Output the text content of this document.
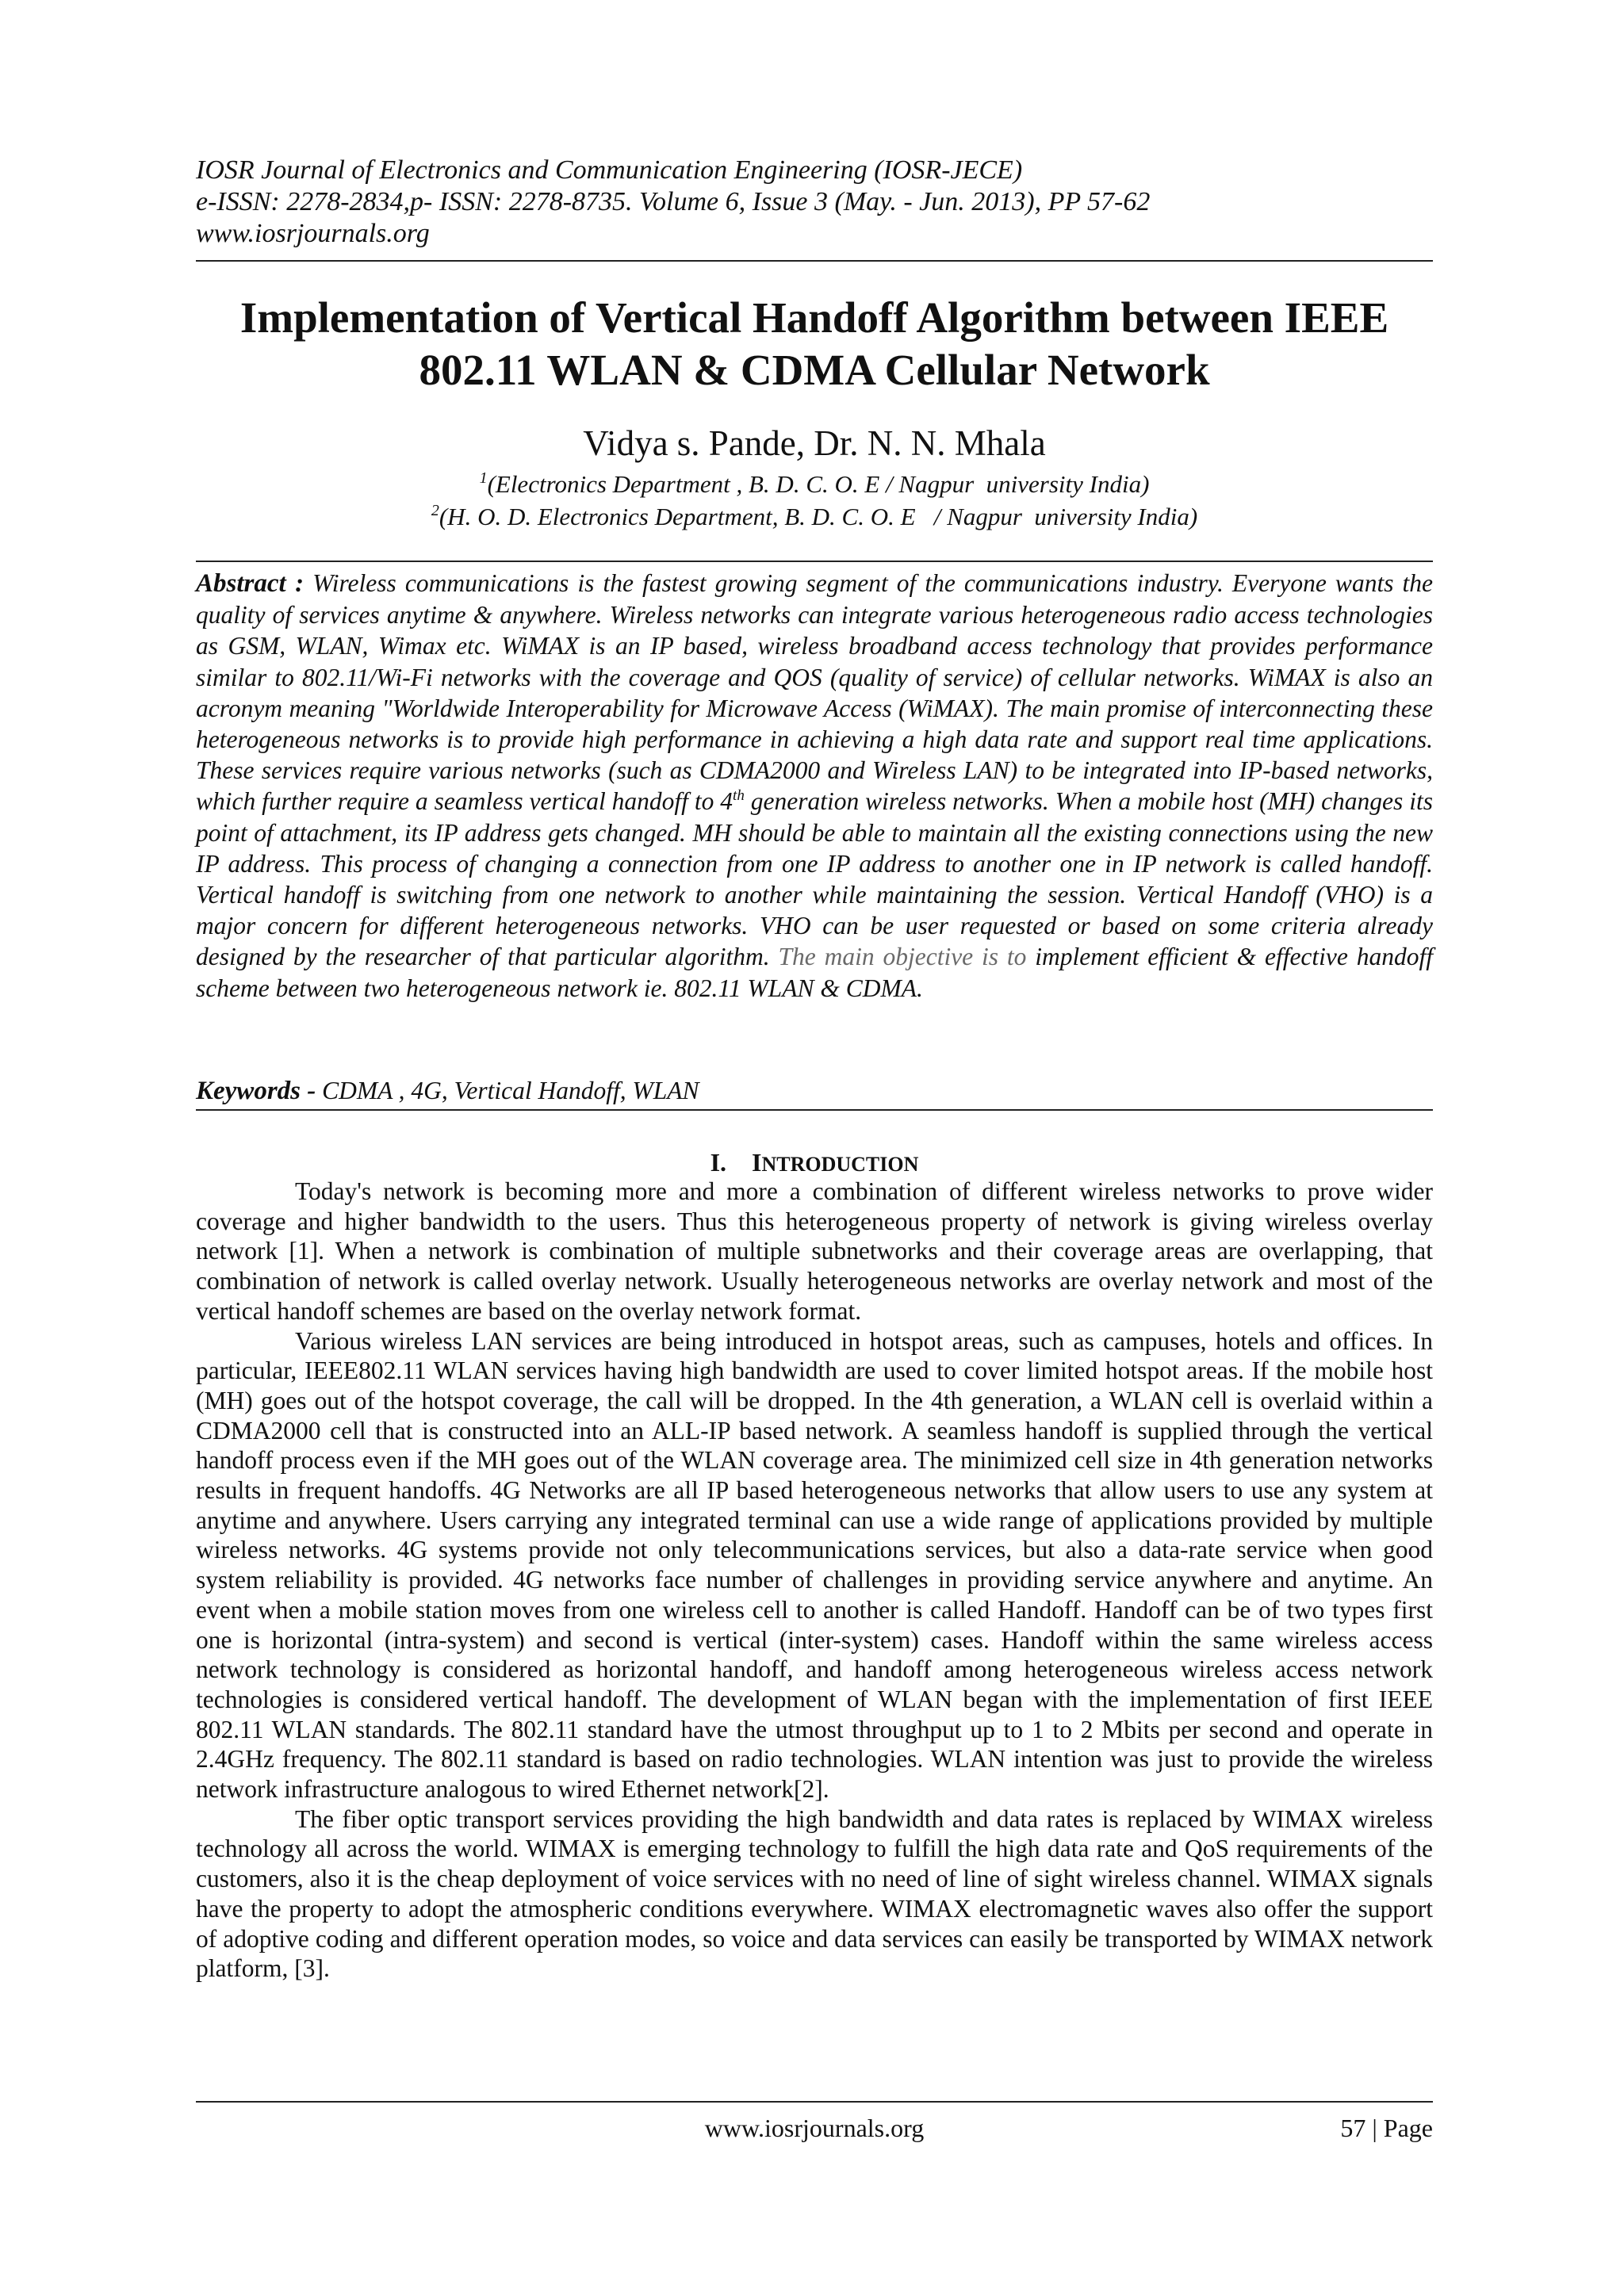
IOSR Journal of Electronics and Communication Engineering (IOSR-JECE)
e-ISSN: 2278-2834,p- ISSN: 2278-8735. Volume 6, Issue 3 (May. - Jun. 2013), PP 57-62
www.iosrjournals.org
Implementation of Vertical Handoff Algorithm between IEEE
802.11 WLAN & CDMA Cellular Network
Vidya s. Pande, Dr. N. N. Mhala
$^1$(Electronics Department , B. D. C. O. E / Nagpur  university India)
$^2$(H. O. D. Electronics Department, B. D. C. O. E   / Nagpur  university India)
Abstract : Wireless communications is the fastest growing segment of the communications industry. Everyone wants the quality of services anytime & anywhere. Wireless networks can integrate various heterogeneous radio access technologies as GSM, WLAN, Wimax etc. WiMAX is an IP based, wireless broadband access technology that provides performance similar to 802.11/Wi-Fi networks with the coverage and QOS (quality of service) of cellular networks. WiMAX is also an acronym meaning "Worldwide Interoperability for Microwave Access (WiMAX). The main promise of interconnecting these heterogeneous networks is to provide high performance in achieving a high data rate and support real time applications. These services require various networks (such as CDMA2000 and Wireless LAN) to be integrated into IP-based networks, which further require a seamless vertical handoff to 4th generation wireless networks. When a mobile host (MH) changes its point of attachment, its IP address gets changed. MH should be able to maintain all the existing connections using the new IP address. This process of changing a connection from one IP address to another one in IP network is called handoff. Vertical handoff is switching from one network to another while maintaining the session. Vertical Handoff (VHO) is a major concern for different heterogeneous networks. VHO can be user requested or based on some criteria already designed by the researcher of that particular algorithm. The main objective is to implement efficient & effective handoff scheme between two heterogeneous network ie. 802.11 WLAN & CDMA.
Keywords - CDMA , 4G, Vertical Handoff, WLAN
I. INTRODUCTION

Today's network is becoming more and more a combination of different wireless networks to prove wider coverage and higher bandwidth to the users. Thus this heterogeneous property of network is giving wireless overlay network [1]. When a network is combination of multiple subnetworks and their coverage areas are overlapping, that combination of network is called overlay network. Usually heterogeneous networks are overlay network and most of the vertical handoff schemes are based on the overlay network format.

Various wireless LAN services are being introduced in hotspot areas, such as campuses, hotels and offices. In particular, IEEE802.11 WLAN services having high bandwidth are used to cover limited hotspot areas. If the mobile host (MH) goes out of the hotspot coverage, the call will be dropped. In the 4th generation, a WLAN cell is overlaid within a CDMA2000 cell that is constructed into an ALL-IP based network. A seamless handoff is supplied through the vertical handoff process even if the MH goes out of the WLAN coverage area. The minimized cell size in 4th generation networks results in frequent handoffs. 4G Networks are all IP based heterogeneous networks that allow users to use any system at anytime and anywhere. Users carrying any integrated terminal can use a wide range of applications provided by multiple wireless networks. 4G systems provide not only telecommunications services, but also a data-rate service when good system reliability is provided. 4G networks face number of challenges in providing service anywhere and anytime. An event when a mobile station moves from one wireless cell to another is called Handoff. Handoff can be of two types first one is horizontal (intra-system) and second is vertical (inter-system) cases. Handoff within the same wireless access network technology is considered as horizontal handoff, and handoff among heterogeneous wireless access network technologies is considered vertical handoff. The development of WLAN began with the implementation of first IEEE 802.11 WLAN standards. The 802.11 standard have the utmost throughput up to 1 to 2 Mbits per second and operate in 2.4GHz frequency. The 802.11 standard is based on radio technologies. WLAN intention was just to provide the wireless network infrastructure analogous to wired Ethernet network[2].

The fiber optic transport services providing the high bandwidth and data rates is replaced by WIMAX wireless technology all across the world. WIMAX is emerging technology to fulfill the high data rate and QoS requirements of the customers, also it is the cheap deployment of voice services with no need of line of sight wireless channel. WIMAX signals have the property to adopt the atmospheric conditions everywhere. WIMAX electromagnetic waves also offer the support of adoptive coding and different operation modes, so voice and data services can easily be transported by WIMAX network platform, [3].

www.iosrjournals.org	57 | Page
